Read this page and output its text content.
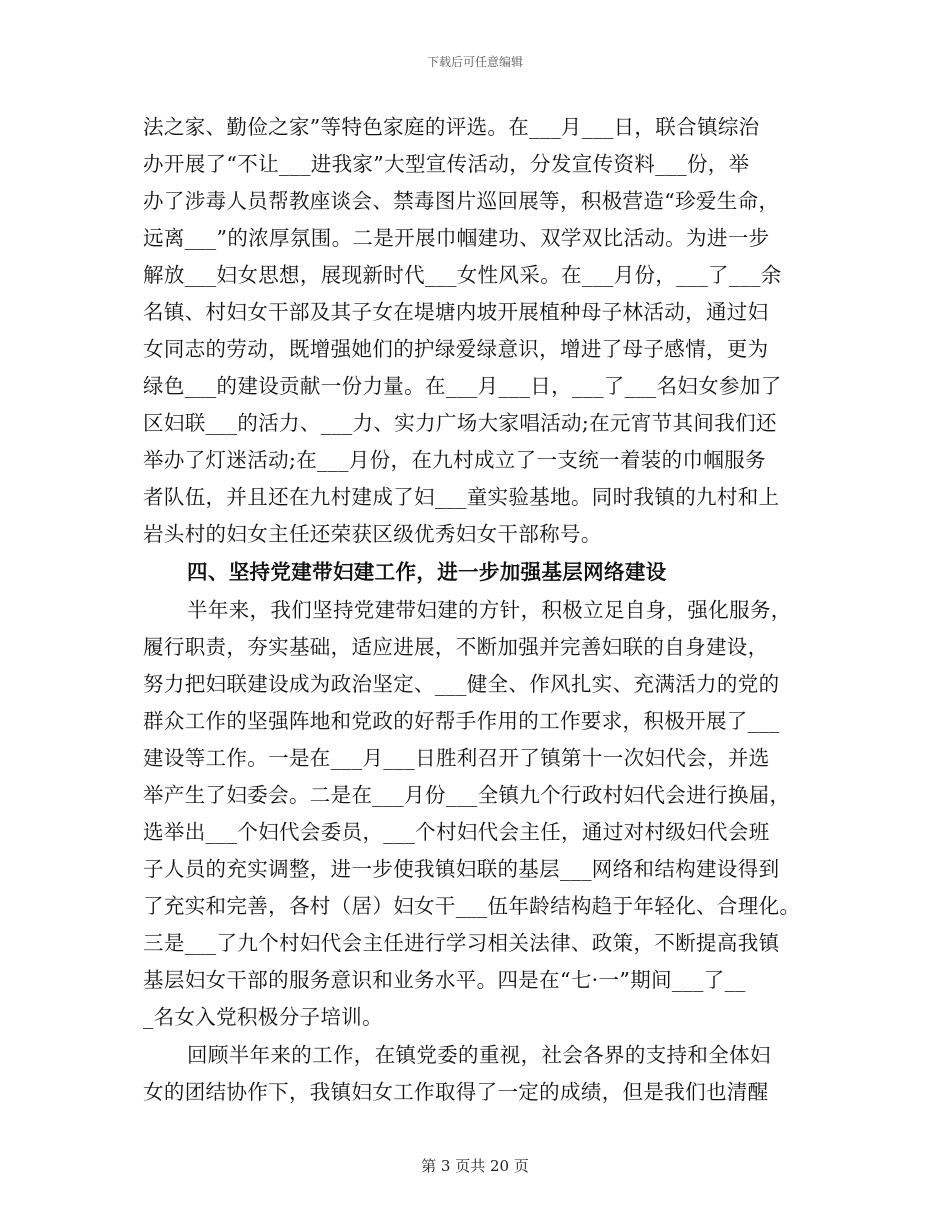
下载后可任意编辑
法之家、勤俭之家”等特色家庭的评选。在___月___日，联合镇综治
办开展了“不让___进我家”大型宣传活动，分发宣传资料___份，举
办了涉毒人员帮教座谈会、禁毒图片巡回展等，积极营造“珍爱生命，
远离___”的浓厚氛围。二是开展巾帼建功、双学双比活动。为进一步
解放___妇女思想，展现新时代___女性风采。在___月份，___了___余
名镇、村妇女干部及其子女在堤塘内坡开展植种母子林活动，通过妇
女同志的劳动，既增强她们的护绿爱绿意识，增进了母子感情，更为
绿色___的建设贡献一份力量。在___月___日，___了___名妇女参加了
区妇联___的活力、___力、实力广场大家唱活动;在元宵节其间我们还
举办了灯迷活动;在___月份，在九村成立了一支统一着装的巾帼服务
者队伍，并且还在九村建成了妇___童实验基地。同时我镇的九村和上
岩头村的妇女主任还荣获区级优秀妇女干部称号。
四、坚持党建带妇建工作，进一步加强基层网络建设
半年来，我们坚持党建带妇建的方针，积极立足自身，强化服务，
履行职责，夯实基础，适应进展，不断加强并完善妇联的自身建设，
努力把妇联建设成为政治坚定、___健全、作风扎实、充满活力的党的
群众工作的坚强阵地和党政的好帮手作用的工作要求，积极开展了___
建设等工作。一是在___月___日胜利召开了镇第十一次妇代会，并选
举产生了妇委会。二是在___月份___全镇九个行政村妇代会进行换届，
选举出___个妇代会委员，___个村妇代会主任，通过对村级妇代会班
子人员的充实调整，进一步使我镇妇联的基层___网络和结构建设得到
了充实和完善，各村（居）妇女干___伍年龄结构趋于年轻化、合理化。
三是___了九个村妇代会主任进行学习相关法律、政策，不断提高我镇
基层妇女干部的服务意识和业务水平。四是在“七·一”期间___了__
_名女入党积极分子培训。
回顾半年来的工作，在镇党委的重视，社会各界的支持和全体妇
女的团结协作下，我镇妇女工作取得了一定的成绩，但是我们也清醒
第 3 页共 20 页
